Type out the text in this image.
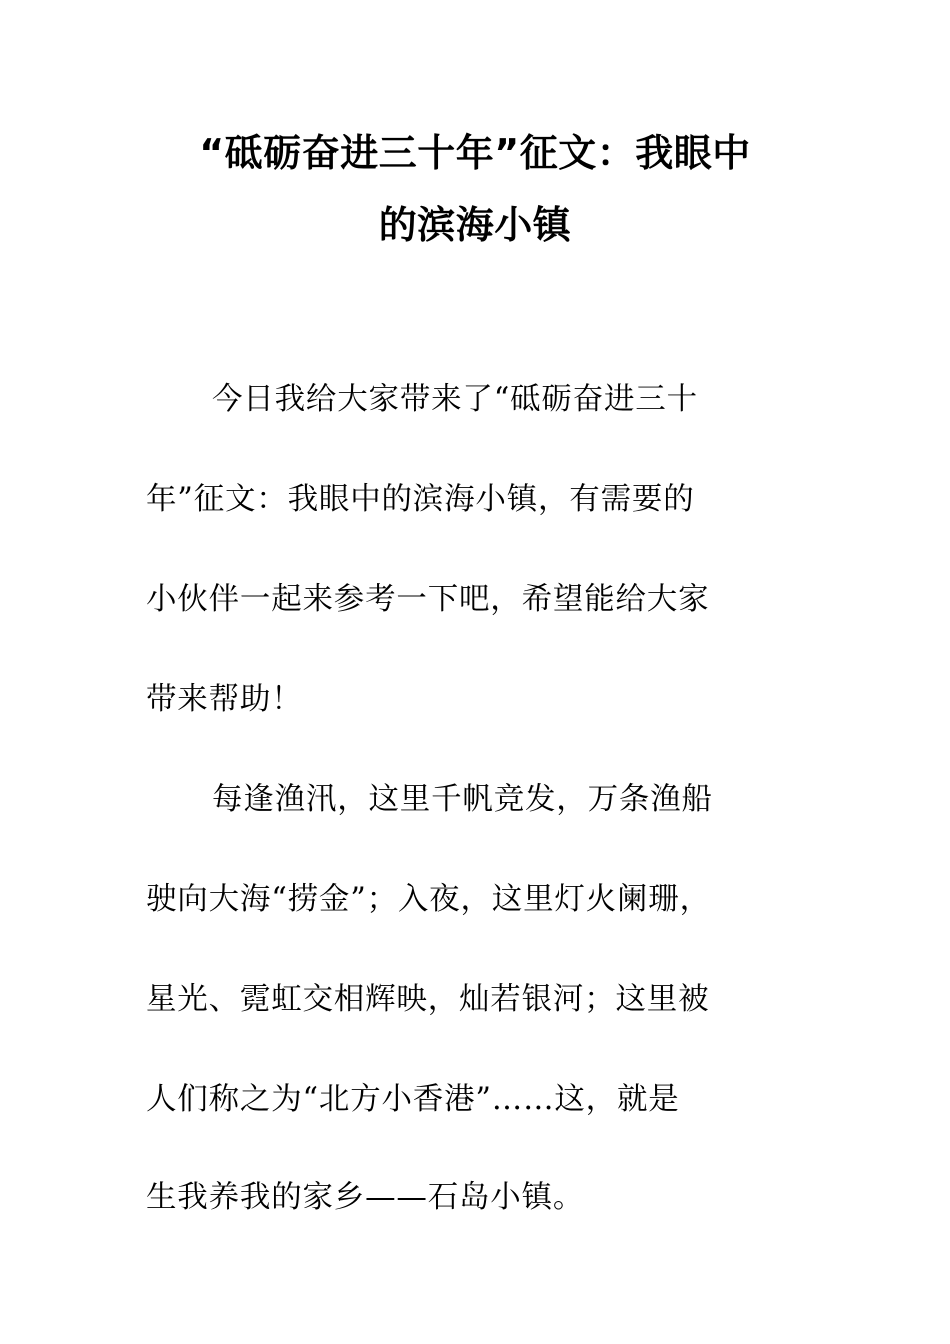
“砥砺奋进三十年”征文：我眼中
的滨海小镇
今日我给大家带来了“砥砺奋进三十
年”征文：我眼中的滨海小镇，有需要的
小伙伴一起来参考一下吧，希望能给大家
带来帮助！
每逢渔汛，这里千帆竞发，万条渔船
驶向大海“捞金”；入夜，这里灯火阑珊，
星光、霓虹交相辉映，灿若银河；这里被
人们称之为“北方小香港”……这，就是
生我养我的家乡——石岛小镇。
